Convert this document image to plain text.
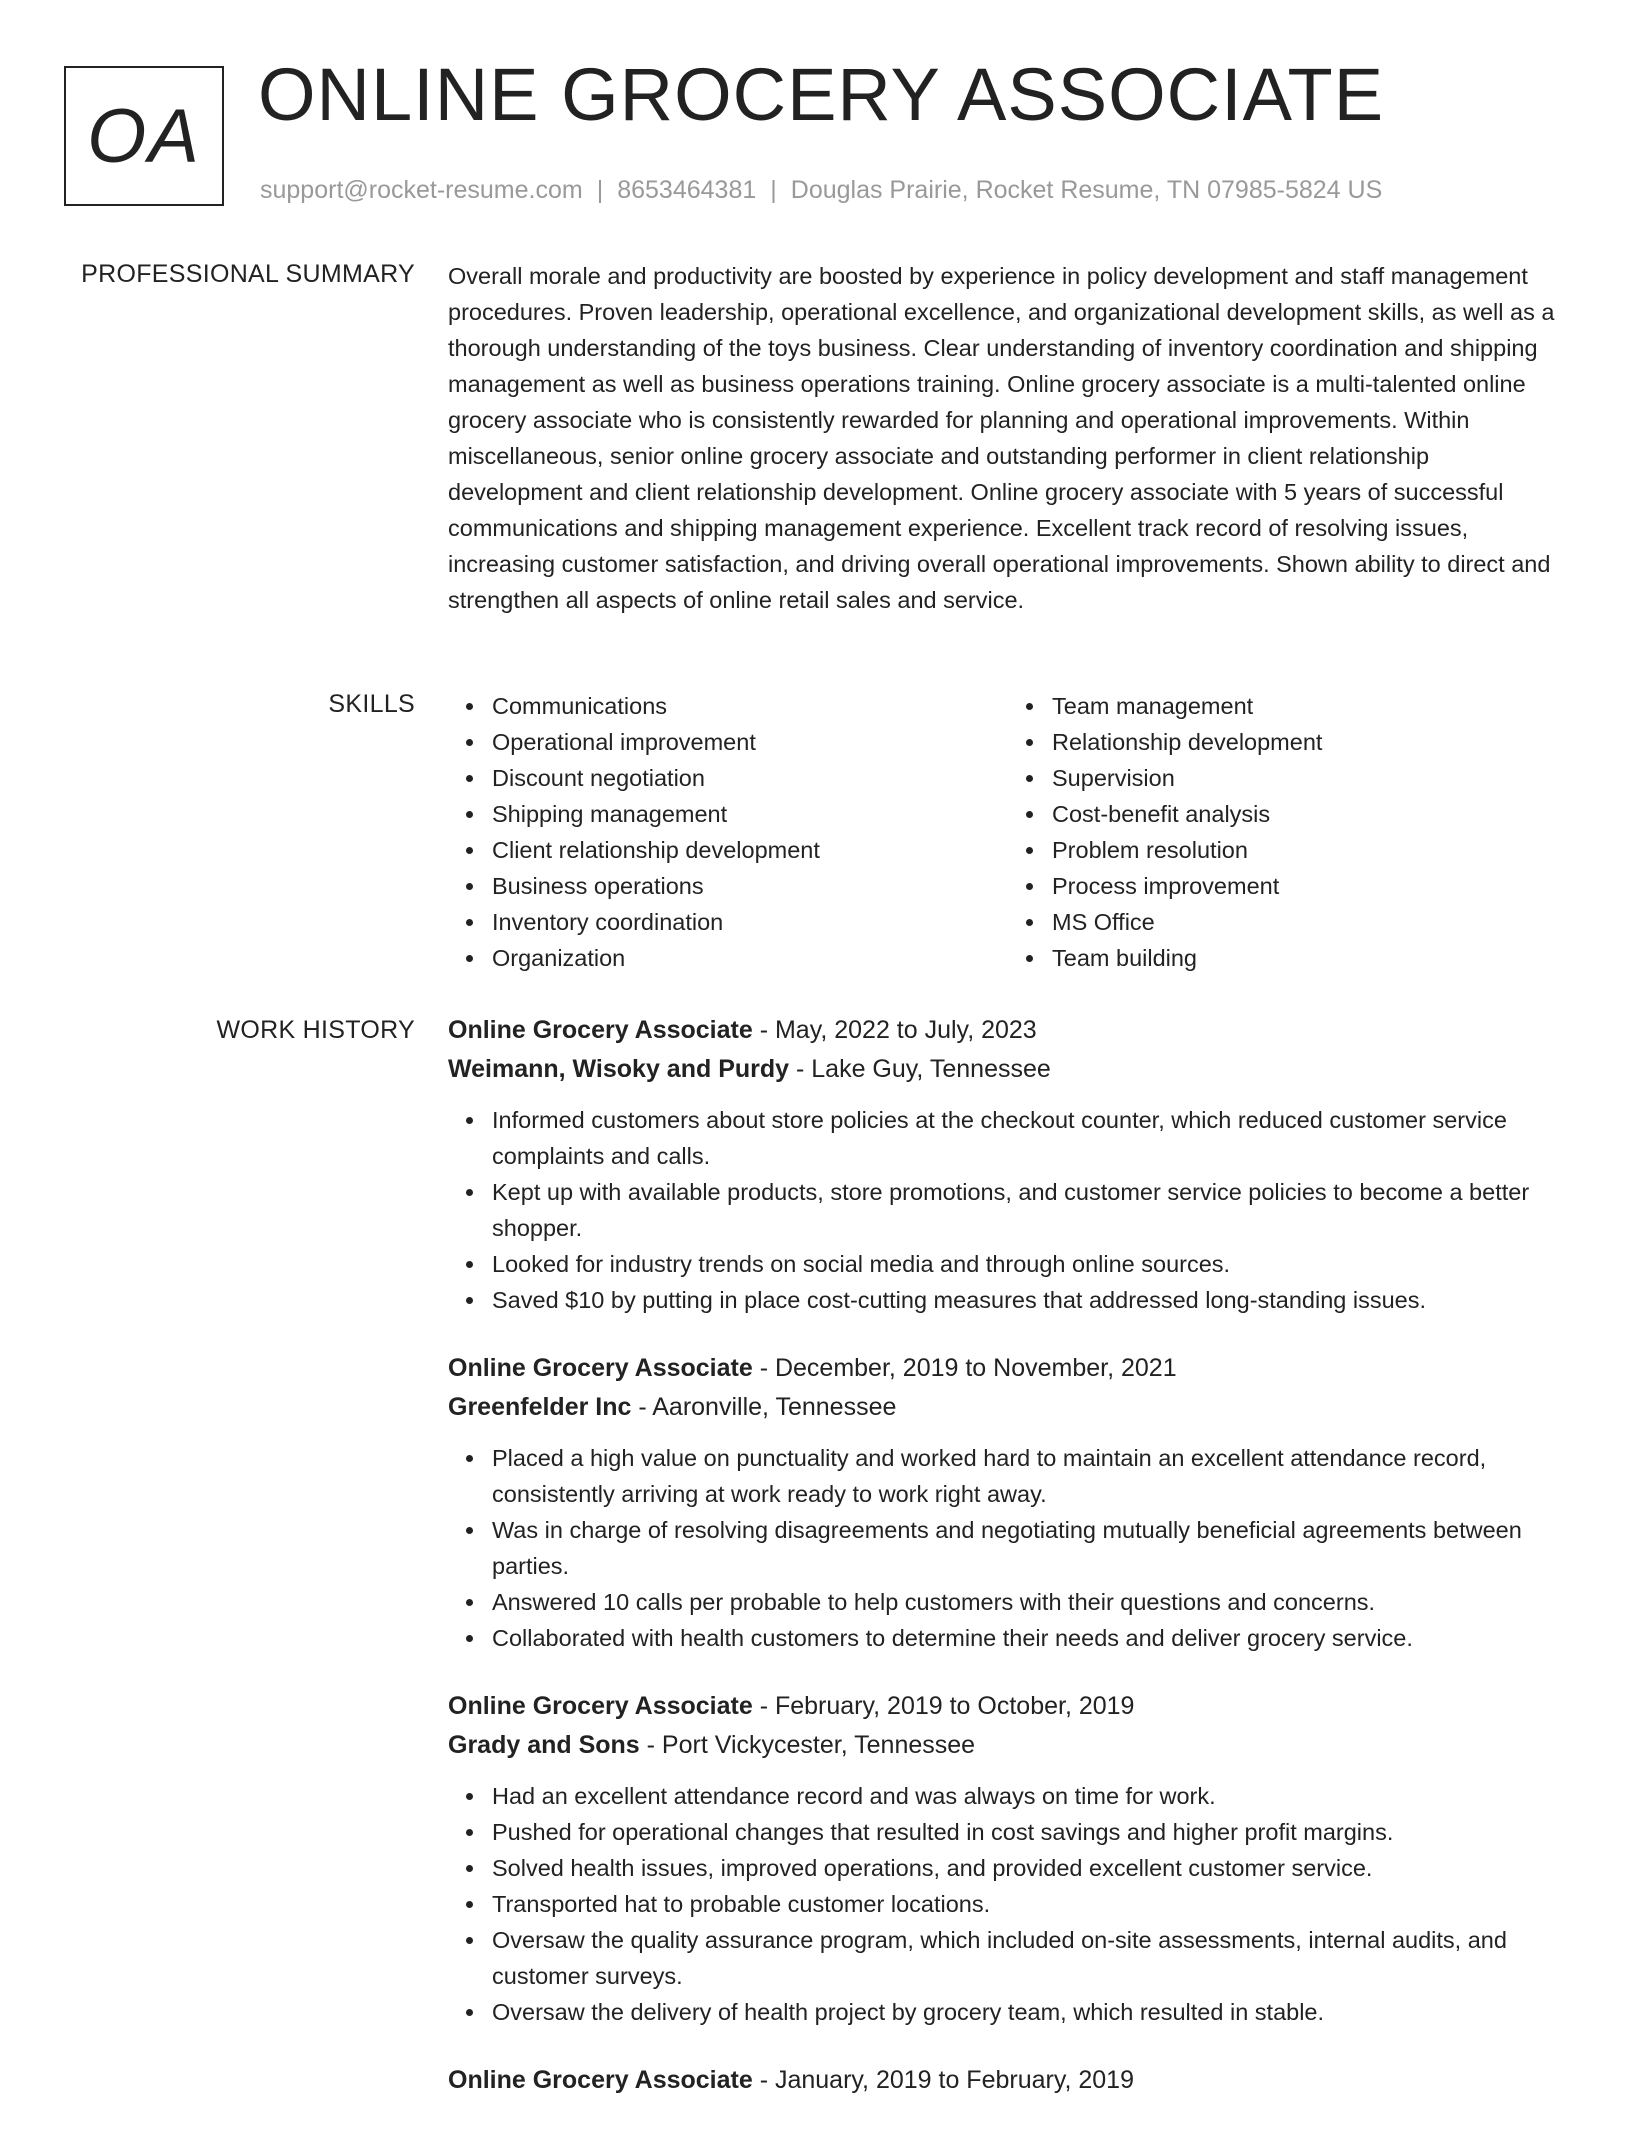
OA ONLINE GROCERY ASSOCIATE
support@rocket-resume.com | 8653464381 | Douglas Prairie, Rocket Resume, TN 07985-5824 US
PROFESSIONAL SUMMARY Overall morale and productivity are boosted by experience in policy development and staff management procedures. Proven leadership, operational excellence, and organizational development skills, as well as a thorough understanding of the toys business. Clear understanding of inventory coordination and shipping management as well as business operations training. Online grocery associate is a multi-talented online grocery associate who is consistently rewarded for planning and operational improvements. Within miscellaneous, senior online grocery associate and outstanding performer in client relationship development and client relationship development. Online grocery associate with 5 years of successful communications and shipping management experience. Excellent track record of resolving issues, increasing customer satisfaction, and driving overall operational improvements. Shown ability to direct and strengthen all aspects of online retail sales and service.

SKILLS	Communications
Operational improvement
Discount negotiation
Shipping management
Client relationship development
Business operations
Inventory coordination
Organization
Team management
Relationship development
Supervision
Cost-benefit analysis
Problem resolution
Process improvement
MS Office
Team building
WORK HISTORY Online Grocery Associate - May, 2022 to July, 2023
Weimann, Wisoky and Purdy - Lake Guy, Tennessee
Informed customers about store policies at the checkout counter, which reduced customer service complaints and calls.
Kept up with available products, store promotions, and customer service policies to become a better shopper.
Looked for industry trends on social media and through online sources.
Saved $10 by putting in place cost-cutting measures that addressed long-standing issues.
Online Grocery Associate - December, 2019 to November, 2021
Greenfelder Inc - Aaronville, Tennessee
Placed a high value on punctuality and worked hard to maintain an excellent attendance record, consistently arriving at work ready to work right away.
Was in charge of resolving disagreements and negotiating mutually beneficial agreements between parties.
Answered 10 calls per probable to help customers with their questions and concerns.
Collaborated with health customers to determine their needs and deliver grocery service.
Online Grocery Associate - February, 2019 to October, 2019
Grady and Sons - Port Vickycester, Tennessee
Had an excellent attendance record and was always on time for work.
Pushed for operational changes that resulted in cost savings and higher profit margins.
Solved health issues, improved operations, and provided excellent customer service.
Transported hat to probable customer locations.
Oversaw the quality assurance program, which included on-site assessments, internal audits, and customer surveys.
Oversaw the delivery of health project by grocery team, which resulted in stable.
Online Grocery Associate - January, 2019 to February, 2019
